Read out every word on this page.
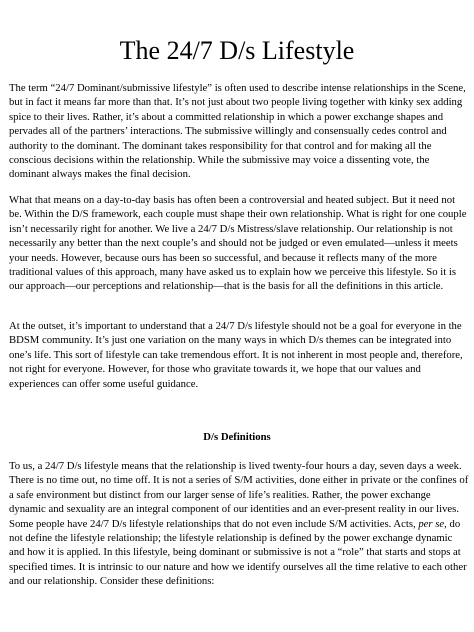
The 24/7 D/s Lifestyle

The term “24/7 Dominant/submissive lifestyle” is often used to describe intense relationships in the Scene, but in fact it means far more than that. It’s not just about two people living together with kinky sex adding spice to their lives. Rather, it’s about a committed relationship in which a power exchange shapes and pervades all of the partners’ interactions. The submissive willingly and consensually cedes control and authority to the dominant. The dominant takes responsibility for that control and for making all the conscious decisions within the relationship. While the submissive may voice a dissenting vote, the dominant always makes the final decision.

What that means on a day-to-day basis has often been a controversial and heated subject. But it need not be. Within the D/S framework, each couple must shape their own relationship. What is right for one couple isn’t necessarily right for another. We live a 24/7 D/s Mistress/slave relationship. Our relationship is not necessarily any better than the next couple’s and should not be judged or even emulated—unless it meets your needs. However, because ours has been so successful, and because it reflects many of the more traditional values of this approach, many have asked us to explain how we perceive this lifestyle. So it is our approach—our perceptions and relationship—that is the basis for all the definitions in this article.

At the outset, it’s important to understand that a 24/7 D/s lifestyle should not be a goal for everyone in the BDSM community. It’s just one variation on the many ways in which D/s themes can be integrated into one’s life. This sort of lifestyle can take tremendous effort. It is not inherent in most people and, therefore, not right for everyone. However, for those who gravitate towards it, we hope that our values and experiences can offer some useful guidance.

D/s Definitions

To us, a 24/7 D/s lifestyle means that the relationship is lived twenty-four hours a day, seven days a week. There is no time out, no time off. It is not a series of S/M activities, done either in private or the confines of a safe environment but distinct from our larger sense of life’s realities. Rather, the power exchange dynamic and sexuality are an integral component of our identities and an ever-present reality in our lives. Some people have 24/7 D/s lifestyle relationships that do not even include S/M activities. Acts, per se, do not define the lifestyle relationship; the lifestyle relationship is defined by the power exchange dynamic and how it is applied. In this lifestyle, being dominant or submissive is not a “role” that starts and stops at specified times. It is intrinsic to our nature and how we identify ourselves all the time relative to each other and our relationship. Consider these definitions:
